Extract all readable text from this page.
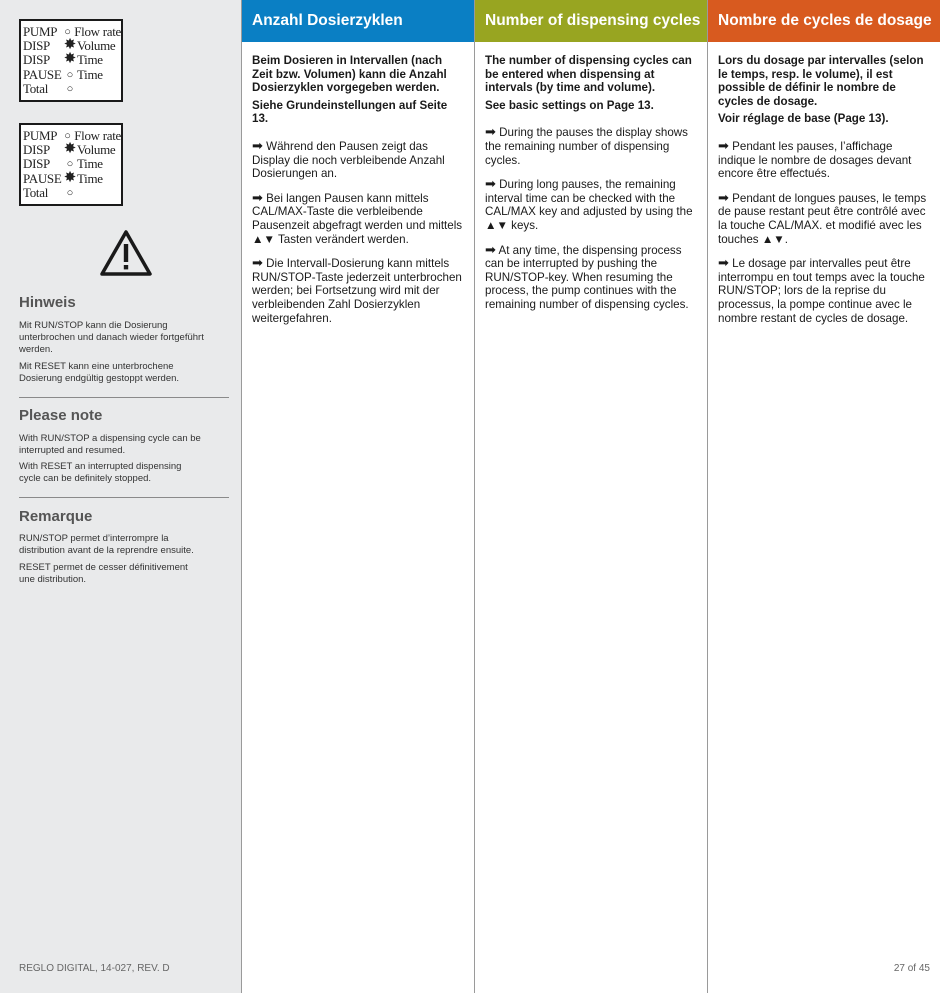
PUMP ○ Flow rate
DISP ✸ Volume
DISP ✸ Time
PAUSE ○ Time
Total	○
PUMP ○ Flow rate
DISP ✸ Volume
DISP	○ Time
PAUSE ✸ Time
Total	○
Hinweis

Mit RUN/STOP kann die Dosierung unterbrochen und danach wieder fortgeführt werden.

Mit RESET kann eine unterbrochene Dosierung endgültig gestoppt werden.

Please note

With RUN/STOP a dispensing cycle can be interrupted and resumed.

With RESET an interrupted dispensing cycle can be definitely stopped.

Remarque

RUN/STOP permet d’interrompre la distribution avant de la reprendre ensuite.

RESET permet de cesser définitivement une distribution.

REGLO DIGITAL, 14-027, REV. D	27 of 45
Anzahl Dosierzyklen

Beim Dosieren in Intervallen (nach Zeit bzw. Volumen) kann die Anzahl Dosierzyklen vorgegeben werden.

Siehe Grundeinstellungen auf Seite 13.

➡ Während den Pausen zeigt das Display die noch verbleibende Anzahl Dosierungen an.

➡ Bei langen Pausen kann mittels CAL/MAX-Taste die verbleibende Pausenzeit abgefragt werden und mittels ▲▼ Tasten verändert werden.

➡ Die Intervall-Dosierung kann mittels RUN/STOP-Taste jederzeit unterbrochen werden; bei Fortsetzung wird mit der verbleibenden Zahl Dosierzyklen weitergefahren.

Number of dispensing cycles

The number of dispensing cycles can be entered when dispensing at intervals (by time and volume).

See basic settings on Page 13.

➡ During the pauses the display shows the remaining number of dispensing cycles.

➡ During long pauses, the remaining interval time can be checked with the CAL/MAX key and adjusted by using the ▲▼ keys.

➡ At any time, the dispensing process can be interrupted by pushing the RUN/STOP-key. When resuming the process, the pump continues with the remaining number of dispensing cycles.

Nombre de cycles de dosage

Lors du dosage par intervalles (selon le temps, resp. le volume), il est possible de définir le nombre de cycles de dosage.

Voir réglage de base (Page 13).

➡ Pendant les pauses, l’affichage indique le nombre de dosages devant encore être effectués.

➡ Pendant de longues pauses, le temps de pause restant peut être contrôlé avec la touche CAL/MAX. et modifié avec les touches ▲▼.

➡ Le dosage par intervalles peut être interrompu en tout temps avec la touche RUN/STOP; lors de la reprise du processus, la pompe continue avec le nombre restant de cycles de dosage.
